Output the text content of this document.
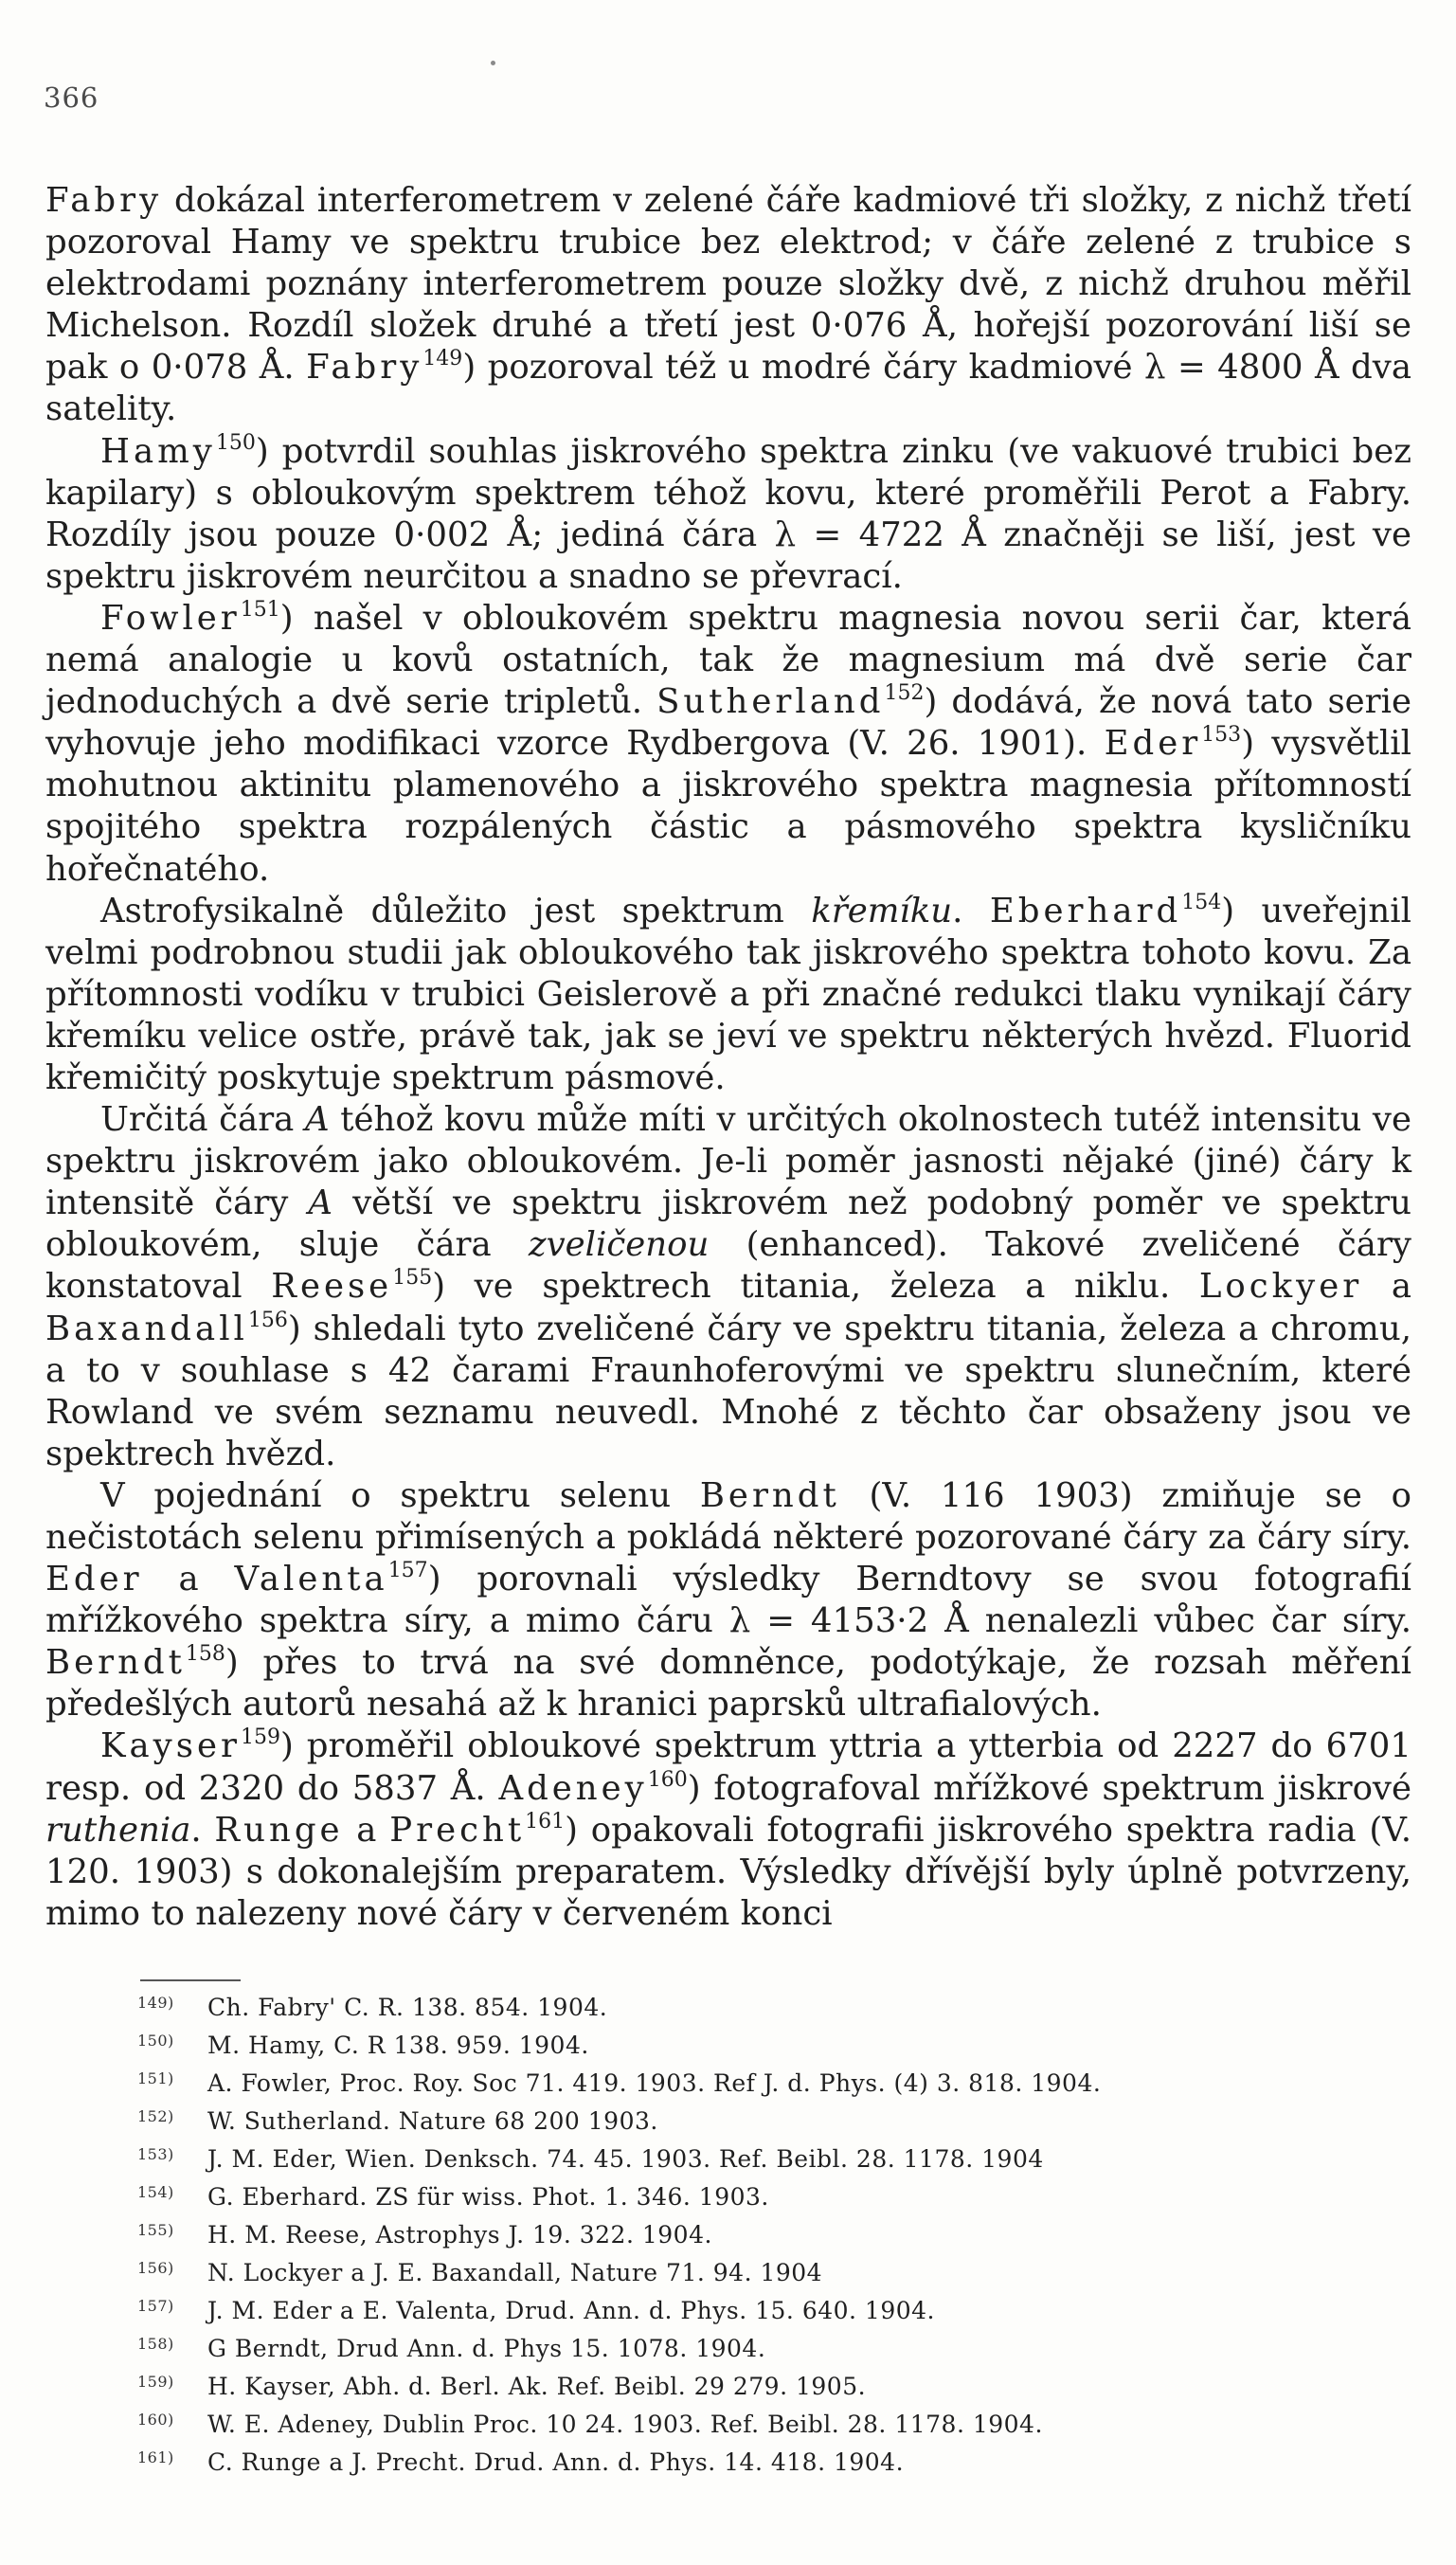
366

Fabry dokázal interferometrem v zelené čáře kadmiové tři složky, z nichž třetí pozoroval Hamy ve spektru trubice bez elektrod; v čáře zelené z trubice s elektrodami poznány interferometrem pouze složky dvě, z nichž druhou měřil Michelson. Rozdíl složek druhé a třetí jest 0·076 Å, hořejší pozorování liší se pak o 0·078 Å. Fabry$^{149}$) pozoroval též u modré čáry kadmiové λ = 4800 Å dva satelity.

Hamy$^{150}$) potvrdil souhlas jiskrového spektra zinku (ve vakuové trubici bez kapilary) s obloukovým spektrem téhož kovu, které proměřili Perot a Fabry. Rozdíly jsou pouze 0·002 Å; jediná čára λ = 4722 Å značněji se liší, jest ve spektru jiskrovém neurčitou a snadno se převrací.

Fowler$^{151}$) našel v obloukovém spektru magnesia novou serii čar, která nemá analogie u kovů ostatních, tak že magnesium má dvě serie čar jednoduchých a dvě serie tripletů. Sutherland$^{152}$) dodává, že nová tato serie vyhovuje jeho modifikaci vzorce Rydbergova (V. 26. 1901). Eder$^{153}$) vysvětlil mohutnou aktinitu plamenového a jiskrového spektra magnesia přítomností spojitého spektra rozpálených částic a pásmového spektra kysličníku hořečnatého.

Astrofysikalně důležito jest spektrum křemíku. Eberhard$^{154}$) uveřejnil velmi podrobnou studii jak obloukového tak jiskrového spektra tohoto kovu. Za přítomnosti vodíku v trubici Geislerově a při značné redukci tlaku vynikají čáry křemíku velice ostře, právě tak, jak se jeví ve spektru některých hvězd. Fluorid křemičitý poskytuje spektrum pásmové.

Určitá čára A téhož kovu může míti v určitých okolnostech tutéž intensitu ve spektru jiskrovém jako obloukovém. Je-li poměr jasnosti nějaké (jiné) čáry k intensitě čáry A větší ve spektru jiskrovém než podobný poměr ve spektru obloukovém, sluje čára zveličenou (enhanced). Takové zveličené čáry konstatoval Reese$^{155}$) ve spektrech titania, železa a niklu. Lockyer a Baxandall$^{156}$) shledali tyto zveličené čáry ve spektru titania, železa a chromu, a to v souhlase s 42 čarami Fraunhoferovými ve spektru slunečním, které Rowland ve svém seznamu neuvedl. Mnohé z těchto čar obsaženy jsou ve spektrech hvězd.

V pojednání o spektru selenu Berndt (V. 116 1903) zmiňuje se o nečistotách selenu přimísených a pokládá některé pozorované čáry za čáry síry. Eder a Valenta$^{157}$) porovnali výsledky Berndtovy se svou fotografií mřížkového spektra síry, a mimo čáru λ = 4153·2 Å nenalezli vůbec čar síry. Berndt$^{158}$) přes to trvá na své domněnce, podotýkaje, že rozsah měření předešlých autorů nesahá až k hranici paprsků ultrafialových.

Kayser$^{159}$) proměřil obloukové spektrum yttria a ytterbia od 2227 do 6701 resp. od 2320 do 5837 Å. Adeney$^{160}$) fotografoval mřížkové spektrum jiskrové ruthenia. Runge a Precht$^{161}$) opakovali fotografii jiskrového spektra radia (V. 120. 1903) s dokonalejším preparatem. Výsledky dřívější byly úplně potvrzeny, mimo to nalezeny nové čáry v červeném konci

149) Ch. Fabry' C. R. 138. 854. 1904.
150) M. Hamy, C. R 138. 959. 1904.
151) A. Fowler, Proc. Roy. Soc 71. 419. 1903. Ref J. d. Phys. (4) 3. 818. 1904.
152) W. Sutherland. Nature 68 200 1903.
153) J. M. Eder, Wien. Denksch. 74. 45. 1903. Ref. Beibl. 28. 1178. 1904
154) G. Eberhard. ZS für wiss. Phot. 1. 346. 1903.
155) H. M. Reese, Astrophys J. 19. 322. 1904.
156) N. Lockyer a J. E. Baxandall, Nature 71. 94. 1904
157) J. M. Eder a E. Valenta, Drud. Ann. d. Phys. 15. 640. 1904.
158) G Berndt, Drud Ann. d. Phys 15. 1078. 1904.
159) H. Kayser, Abh. d. Berl. Ak. Ref. Beibl. 29 279. 1905.
160) W. E. Adeney, Dublin Proc. 10 24. 1903. Ref. Beibl. 28. 1178. 1904.
161) C. Runge a J. Precht. Drud. Ann. d. Phys. 14. 418. 1904.
